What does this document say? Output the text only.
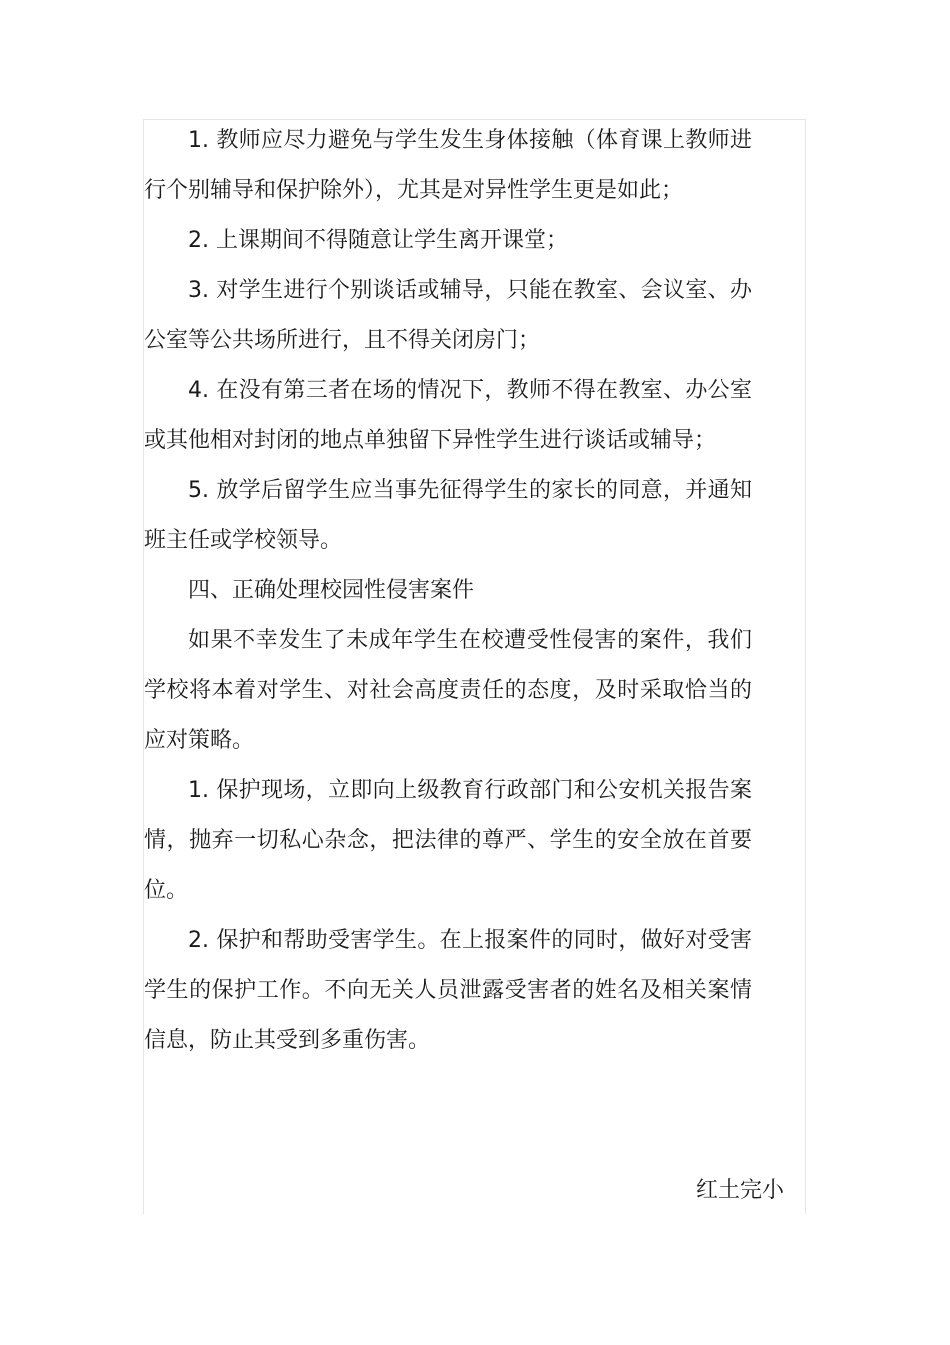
1. 教师应尽力避免与学生发生身体接触（体育课上教师进行个别辅导和保护除外），尤其是对异性学生更是如此；

2. 上课期间不得随意让学生离开课堂；

3. 对学生进行个别谈话或辅导，只能在教室、会议室、办公室等公共场所进行，且不得关闭房门；

4. 在没有第三者在场的情况下，教师不得在教室、办公室或其他相对封闭的地点单独留下异性学生进行谈话或辅导；

5. 放学后留学生应当事先征得学生的家长的同意，并通知班主任或学校领导。

四、正确处理校园性侵害案件

如果不幸发生了未成年学生在校遭受性侵害的案件，我们学校将本着对学生、对社会高度责任的态度，及时采取恰当的应对策略。

1. 保护现场，立即向上级教育行政部门和公安机关报告案情，抛弃一切私心杂念，把法律的尊严、学生的安全放在首要位。

2. 保护和帮助受害学生。在上报案件的同时，做好对受害学生的保护工作。不向无关人员泄露受害者的姓名及相关案情信息，防止其受到多重伤害。

红土完小
